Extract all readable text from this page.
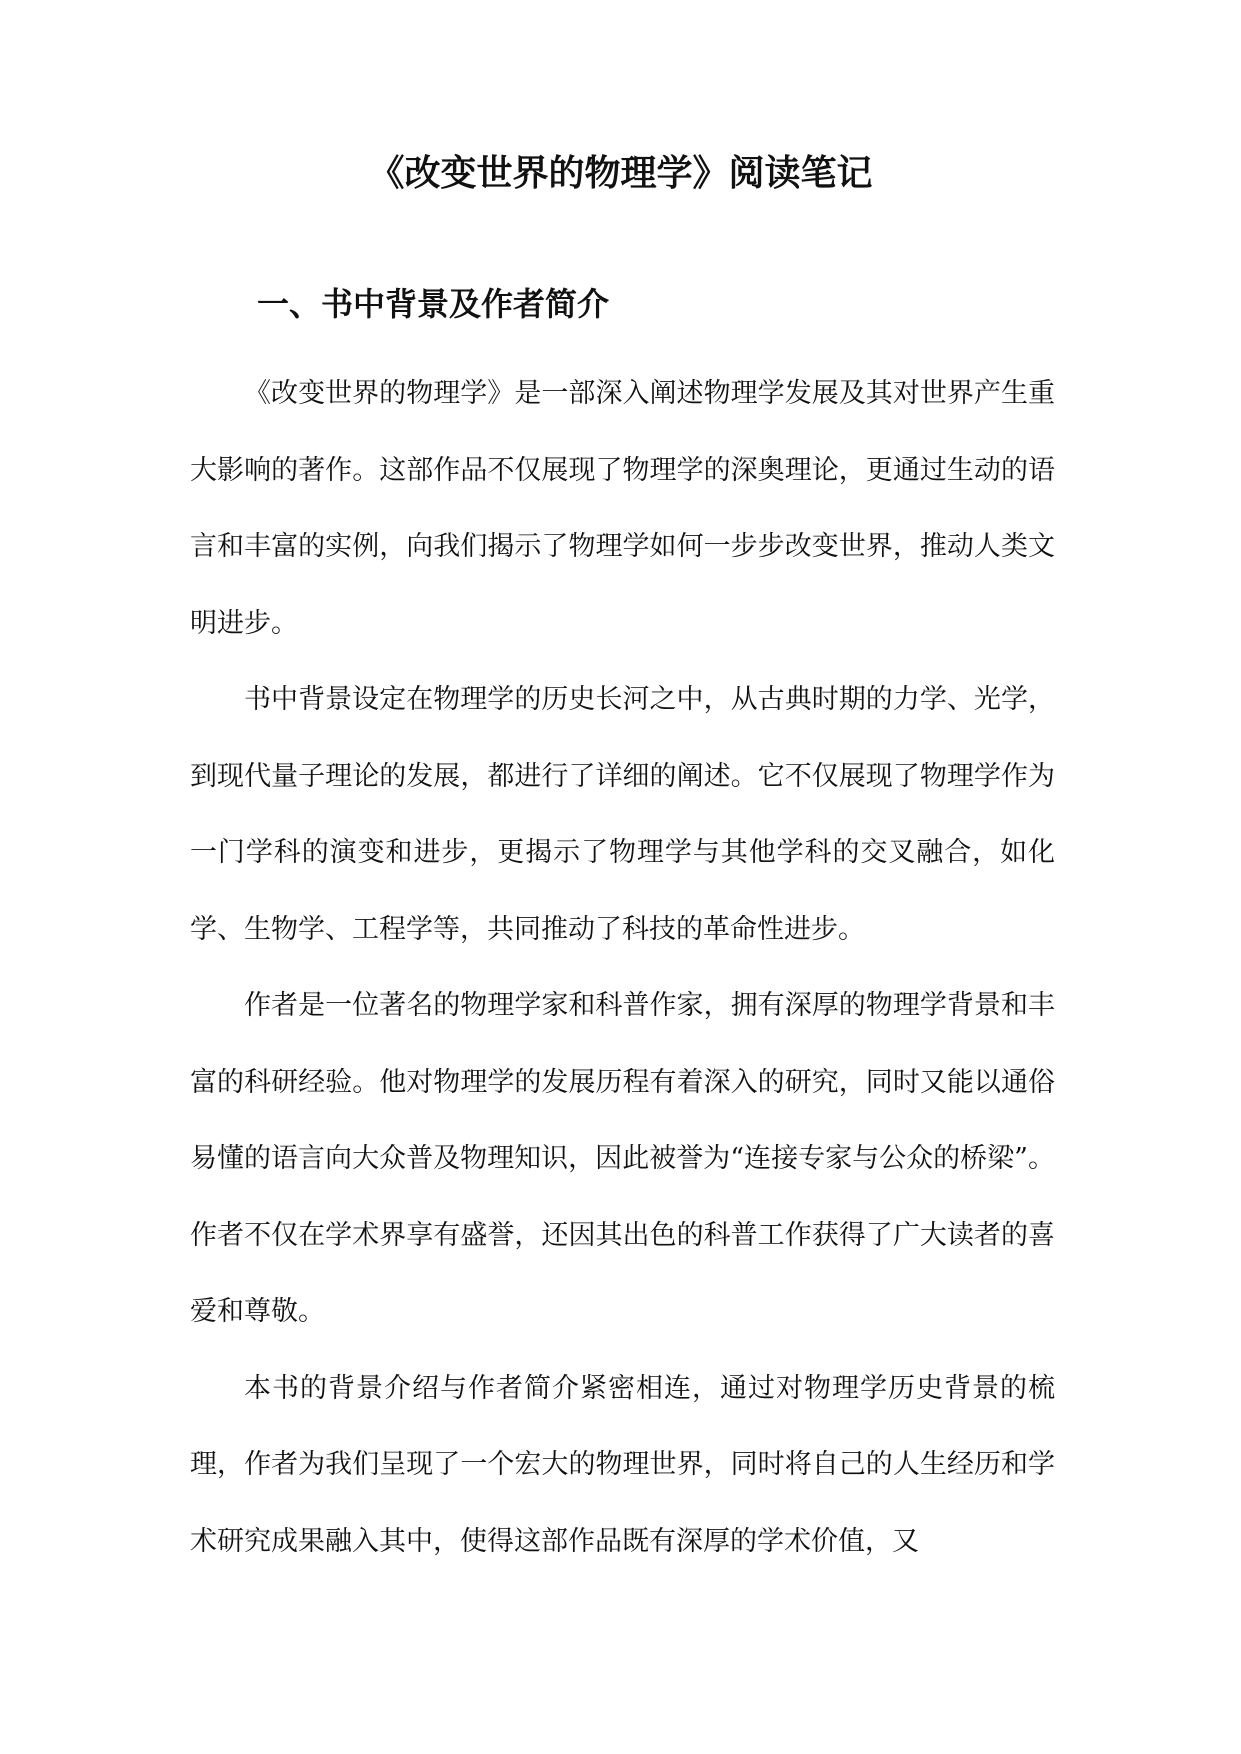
《改变世界的物理学》阅读笔记
一、书中背景及作者简介

《改变世界的物理学》是一部深入阐述物理学发展及其对世界产生重大影响的著作。这部作品不仅展现了物理学的深奥理论，更通过生动的语言和丰富的实例，向我们揭示了物理学如何一步步改变世界，推动人类文明进步。

书中背景设定在物理学的历史长河之中，从古典时期的力学、光学，到现代量子理论的发展，都进行了详细的阐述。它不仅展现了物理学作为一门学科的演变和进步，更揭示了物理学与其他学科的交叉融合，如化学、生物学、工程学等，共同推动了科技的革命性进步。

作者是一位著名的物理学家和科普作家，拥有深厚的物理学背景和丰富的科研经验。他对物理学的发展历程有着深入的研究，同时又能以通俗易懂的语言向大众普及物理知识，因此被誉为“连接专家与公众的桥梁”。作者不仅在学术界享有盛誉，还因其出色的科普工作获得了广大读者的喜爱和尊敬。

本书的背景介绍与作者简介紧密相连，通过对物理学历史背景的梳理，作者为我们呈现了一个宏大的物理世界，同时将自己的人生经历和学术研究成果融入其中，使得这部作品既有深厚的学术价值，又
